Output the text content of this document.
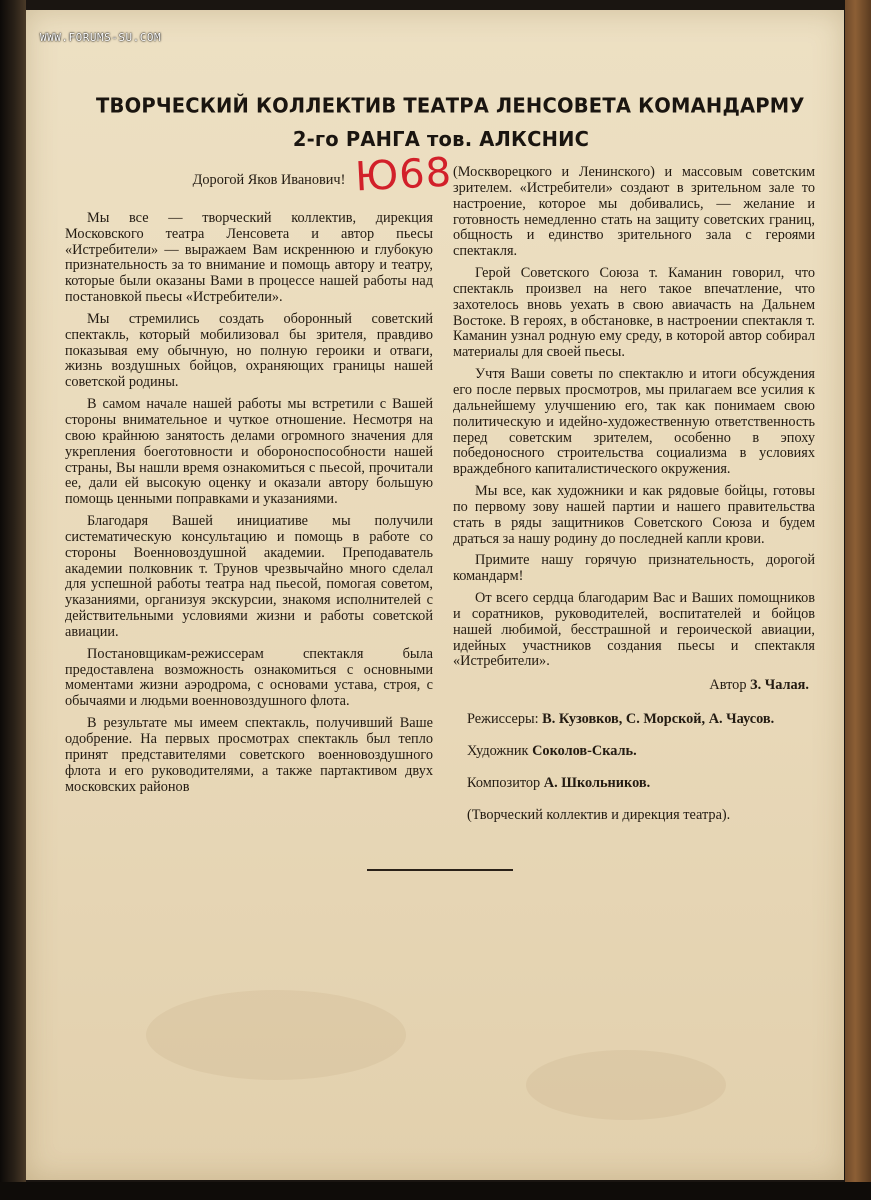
WWW.FORUMS-SU.COM
ТВОРЧЕСКИЙ КОЛЛЕКТИВ ТЕАТРА ЛЕНСОВЕТА КОМАНДАРМУ
2-го РАНГА тов. АЛКСНИС
Ю68

Дорогой Яков Иванович!

Мы все — творческий коллектив, дирекция Московского театра Ленсовета и автор пьесы «Истребители» — выражаем Вам искреннюю и глубокую признательность за то внимание и помощь автору и театру, которые были оказаны Вами в процессе нашей работы над постановкой пьесы «Истребители».

Мы стремились создать оборонный советский спектакль, который мобилизовал бы зрителя, правдиво показывая ему обычную, но полную героики и отваги, жизнь воздушных бойцов, охраняющих границы нашей советской родины.

В самом начале нашей работы мы встретили с Вашей стороны внимательное и чуткое отношение. Несмотря на свою крайнюю занятость делами огромного значения для укрепления боеготовности и обороноспособности нашей страны, Вы нашли время ознакомиться с пьесой, прочитали ее, дали ей высокую оценку и оказали автору большую помощь ценными поправками и указаниями.

Благодаря Вашей инициативе мы получили систематическую консультацию и помощь в работе со стороны Военновоздушной академии. Преподаватель академии полковник т. Трунов чрезвычайно много сделал для успешной работы театра над пьесой, помогая советом, указаниями, организуя экскурсии, знакомя исполнителей с действительными условиями жизни и работы советской авиации.

Постановщикам-режиссерам спектакля была предоставлена возможность ознакомиться с основными моментами жизни аэродрома, с основами устава, строя, с обычаями и людьми военновоздушного флота.

В результате мы имеем спектакль, получивший Ваше одобрение. На первых просмотрах спектакль был тепло принят представителями советского военновоздушного флота и его руководителями, а также партактивом двух московских районов

(Москворецкого и Ленинского) и массовым советским зрителем. «Истребители» создают в зрительном зале то настроение, которое мы добивались, — желание и готовность немедленно стать на защиту советских границ, общность и единство зрительного зала с героями спектакля.

Герой Советского Союза т. Каманин говорил, что спектакль произвел на него такое впечатление, что захотелось вновь уехать в свою авиачасть на Дальнем Востоке. В героях, в обстановке, в настроении спектакля т. Каманин узнал родную ему среду, в которой автор собирал материалы для своей пьесы.

Учтя Ваши советы по спектаклю и итоги обсуждения его после первых просмотров, мы прилагаем все усилия к дальнейшему улучшению его, так как понимаем свою политическую и идейно-художественную ответственность перед советским зрителем, особенно в эпоху победоносного строительства социализма в условиях враждебного капиталистического окружения.

Мы все, как художники и как рядовые бойцы, готовы по первому зову нашей партии и нашего правительства стать в ряды защитников Советского Союза и будем драться за нашу родину до последней капли крови.

Примите нашу горячую признательность, дорогой командарм!

От всего сердца благодарим Вас и Ваших помощников и соратников, руководителей, воспитателей и бойцов нашей любимой, бесстрашной и героической авиации, идейных участников создания пьесы и спектакля «Истребители».

Автор З. Чалая.

Режиссеры: В. Кузовков, С. Морской, А. Чаусов.

Художник Соколов-Скаль.

Композитор А. Школьников.

(Творческий коллектив и дирекция театра).
